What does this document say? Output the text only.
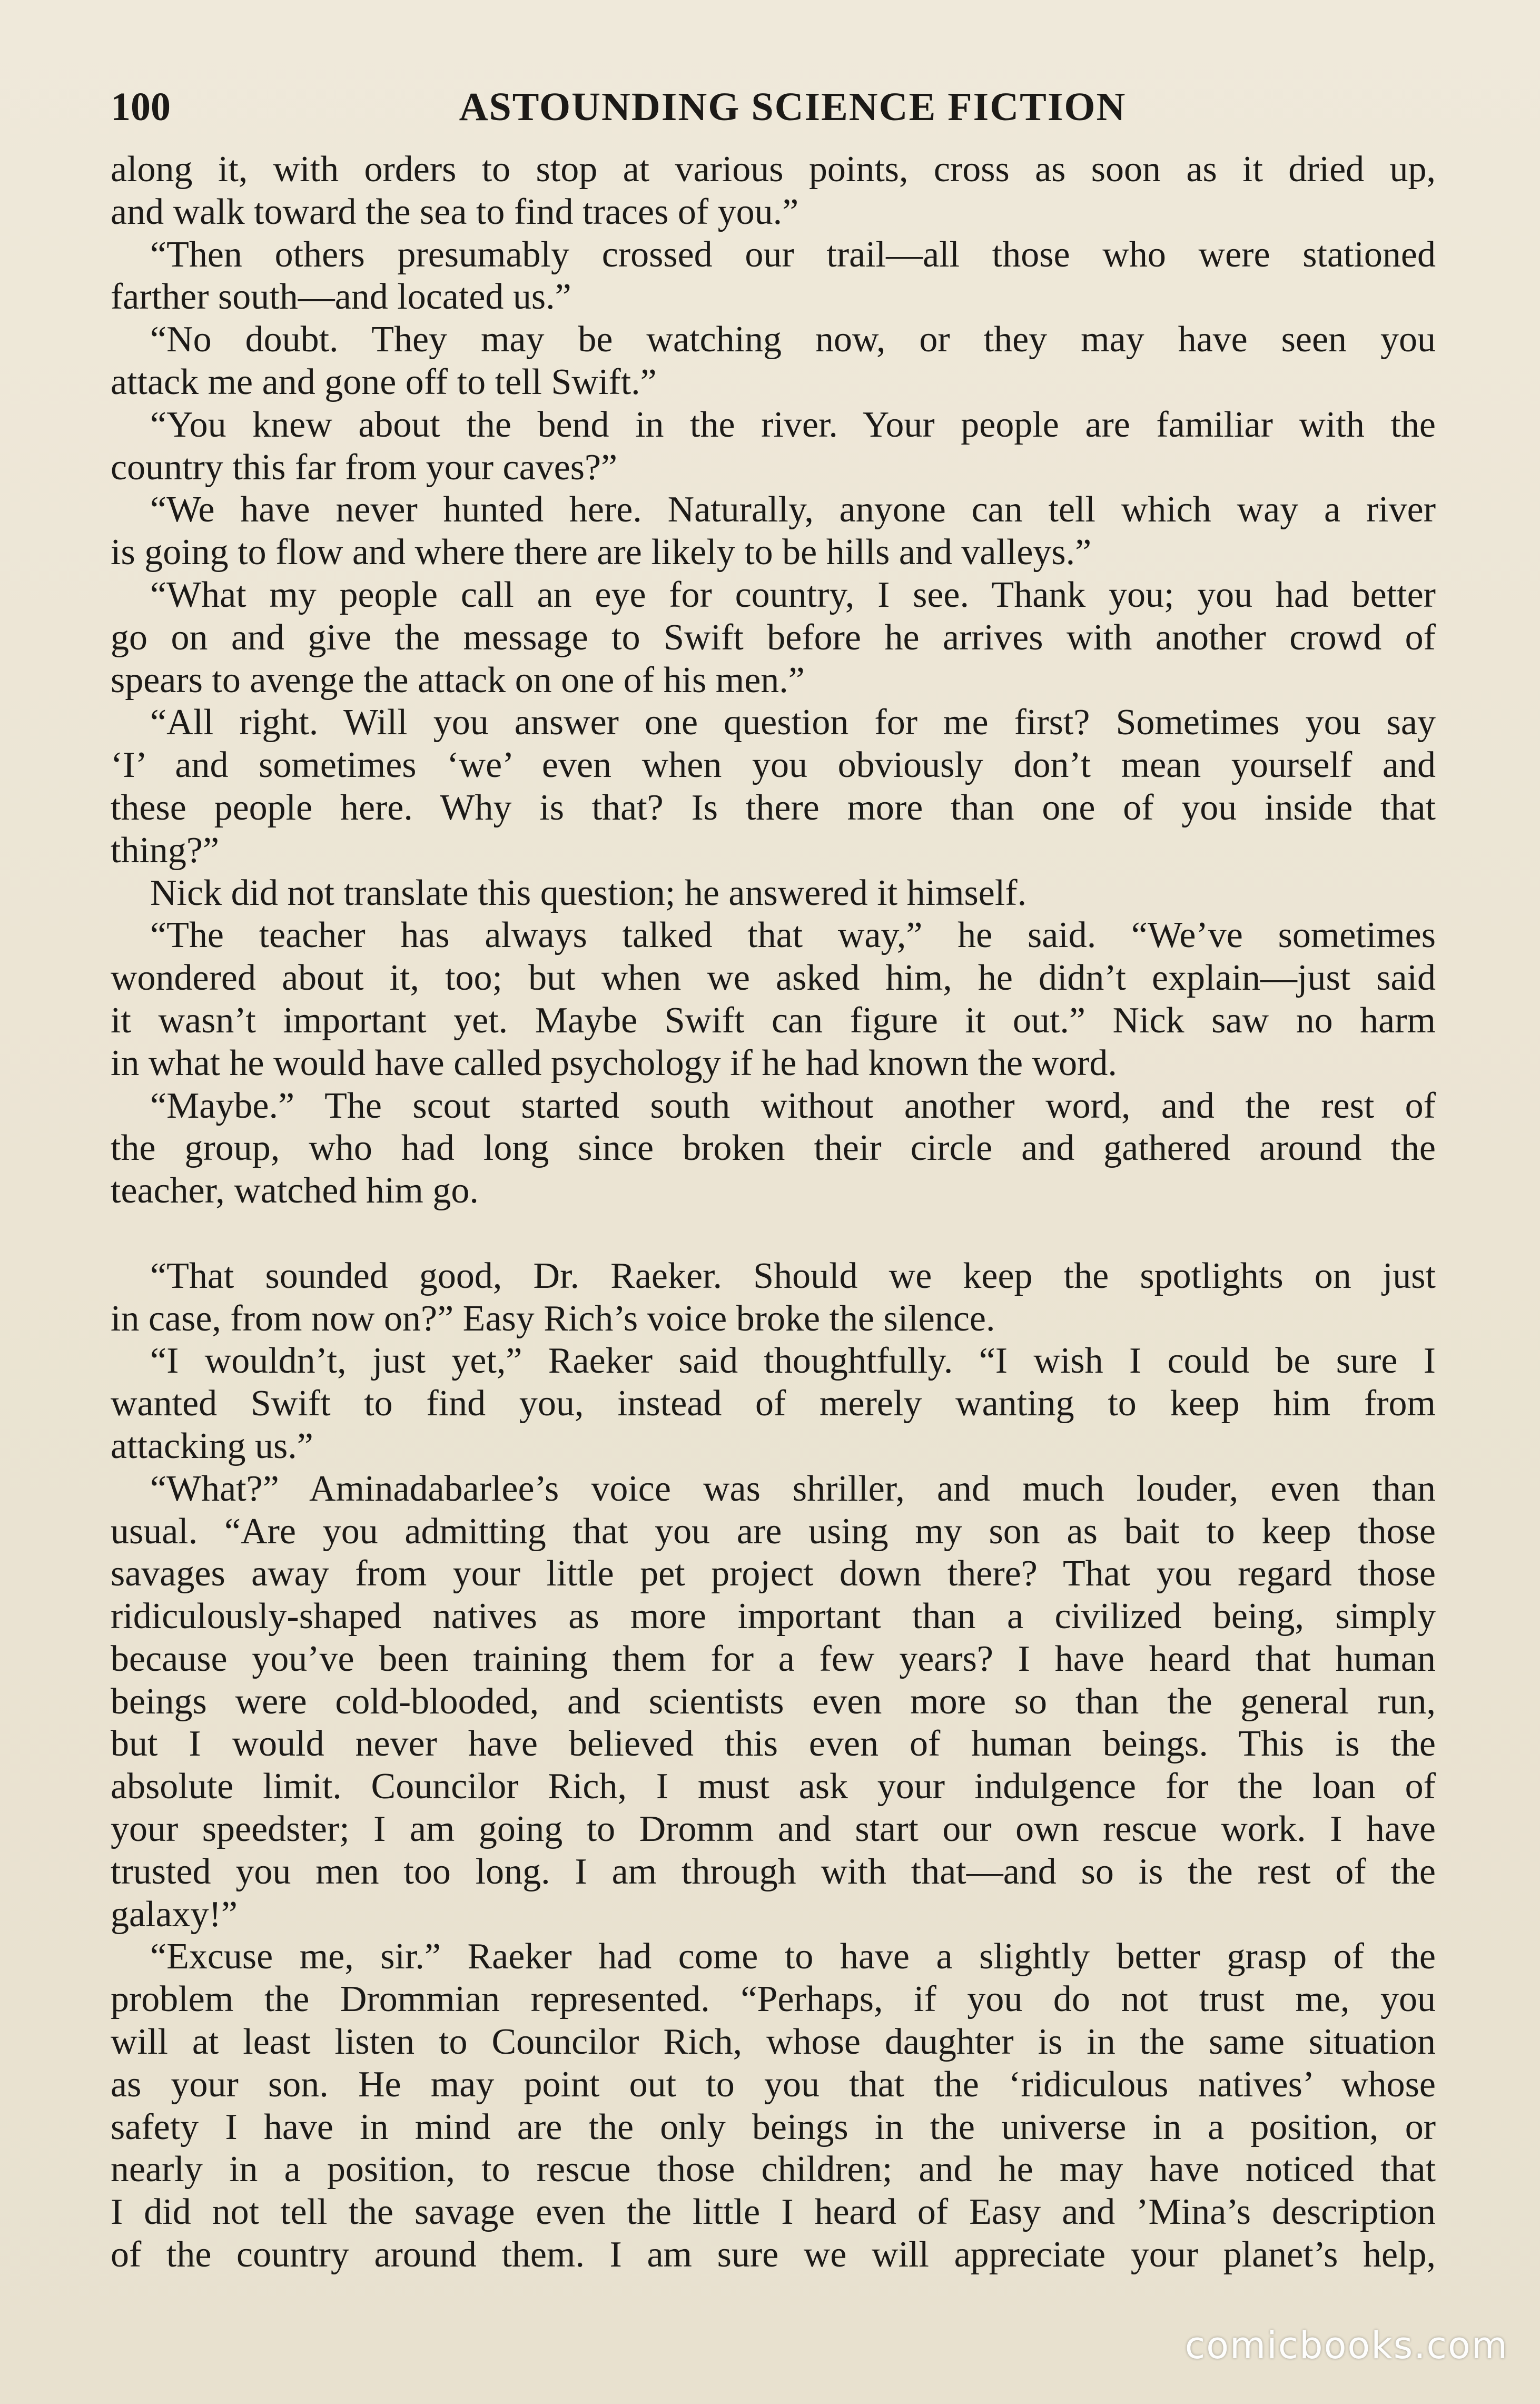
100	ASTOUNDING SCIENCE FICTION
along it, with orders to stop at various points, cross as soon as it dried up,
and walk toward the sea to find traces of you.”
“Then others presumably crossed our trail—all those who were stationed
farther south—and located us.”
“No doubt. They may be watching now, or they may have seen you
attack me and gone off to tell Swift.”
“You knew about the bend in the river. Your people are familiar with the
country this far from your caves?”
“We have never hunted here. Naturally, anyone can tell which way a river
is going to flow and where there are likely to be hills and valleys.”
“What my people call an eye for country, I see. Thank you; you had better
go on and give the message to Swift before he arrives with another crowd of
spears to avenge the attack on one of his men.”
“All right. Will you answer one question for me first? Sometimes you say
‘I’ and sometimes ‘we’ even when you obviously don’t mean yourself and
these people here. Why is that? Is there more than one of you inside that
thing?”
Nick did not translate this question; he answered it himself.
“The teacher has always talked that way,” he said. “We’ve sometimes
wondered about it, too; but when we asked him, he didn’t explain—just said
it wasn’t important yet. Maybe Swift can figure it out.” Nick saw no harm
in what he would have called psychology if he had known the word.
“Maybe.” The scout started south without another word, and the rest of
the group, who had long since broken their circle and gathered around the
teacher, watched him go.
“That sounded good, Dr. Raeker. Should we keep the spotlights on just
in case, from now on?” Easy Rich’s voice broke the silence.
“I wouldn’t, just yet,” Raeker said thoughtfully. “I wish I could be sure I
wanted Swift to find you, instead of merely wanting to keep him from
attacking us.”
“What?” Aminadabarlee’s voice was shriller, and much louder, even than
usual. “Are you admitting that you are using my son as bait to keep those
savages away from your little pet project down there? That you regard those
ridiculously-shaped natives as more important than a civilized being, simply
because you’ve been training them for a few years? I have heard that human
beings were cold-blooded, and scientists even more so than the general run,
but I would never have believed this even of human beings. This is the
absolute limit. Councilor Rich, I must ask your indulgence for the loan of
your speedster; I am going to Dromm and start our own rescue work. I have
trusted you men too long. I am through with that—and so is the rest of the
galaxy!”
“Excuse me, sir.” Raeker had come to have a slightly better grasp of the
problem the Drommian represented. “Perhaps, if you do not trust me, you
will at least listen to Councilor Rich, whose daughter is in the same situation
as your son. He may point out to you that the ‘ridiculous natives’ whose
safety I have in mind are the only beings in the universe in a position, or
nearly in a position, to rescue those children; and he may have noticed that
I did not tell the savage even the little I heard of Easy and ’Mina’s description
of the country around them. I am sure we will appreciate your planet’s help,
comicbooks.com
